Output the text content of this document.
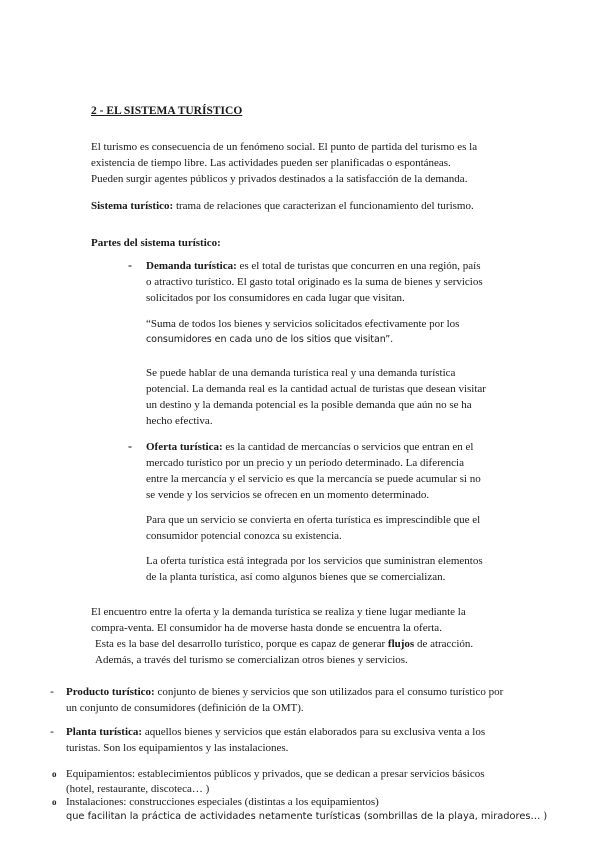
2 - EL SISTEMA TURÍSTICO
El turismo es consecuencia de un fenómeno social. El punto de partida del turismo es la
existencia de tiempo libre. Las actividades pueden ser planificadas o espontáneas.
Pueden surgir agentes públicos y privados destinados a la satisfacción de la demanda.
Sistema turístico: trama de relaciones que caracterizan el funcionamiento del turismo.
Partes del sistema turístico:
- Demanda turística: es el total de turistas que concurren en una región, país
o atractivo turístico. El gasto total originado es la suma de bienes y servicios
solicitados por los consumidores en cada lugar que visitan.
“Suma de todos los bienes y servicios solicitados efectivamente por los
consumidores en cada uno de los sitios que visitan”.
Se puede hablar de una demanda turística real y una demanda turística
potencial. La demanda real es la cantidad actual de turistas que desean visitar
un destino y la demanda potencial es la posible demanda que aún no se ha
hecho efectiva.
- Oferta turística: es la cantidad de mercancías o servicios que entran en el
mercado turístico por un precio y un período determinado. La diferencia
entre la mercancía y el servicio es que la mercancía se puede acumular si no
se vende y los servicios se ofrecen en un momento determinado.
Para que un servicio se convierta en oferta turística es imprescindible que el
consumidor potencial conozca su existencia.
La oferta turística está integrada por los servicios que suministran elementos
de la planta turística, así como algunos bienes que se comercializan.
El encuentro entre la oferta y la demanda turística se realiza y tiene lugar mediante la
compra-venta. El consumidor ha de moverse hasta donde se encuentra la oferta.
Esta es la base del desarrollo turístico, porque es capaz de generar flujos de atracción.
Además, a través del turismo se comercializan otros bienes y servicios.
- Producto turístico: conjunto de bienes y servicios que son utilizados para el consumo turístico por
un conjunto de consumidores (definición de la OMT).
- Planta turística: aquellos bienes y servicios que están elaborados para su exclusiva venta a los
turistas. Son los equipamientos y las instalaciones.
o Equipamientos: establecimientos públicos y privados, que se dedican a presar servicios básicos
(hotel, restaurante, discoteca… )
o Instalaciones: construcciones especiales (distintas a los equipamientos)
que facilitan la práctica de actividades netamente turísticas (sombrillas de la playa, miradores… )
